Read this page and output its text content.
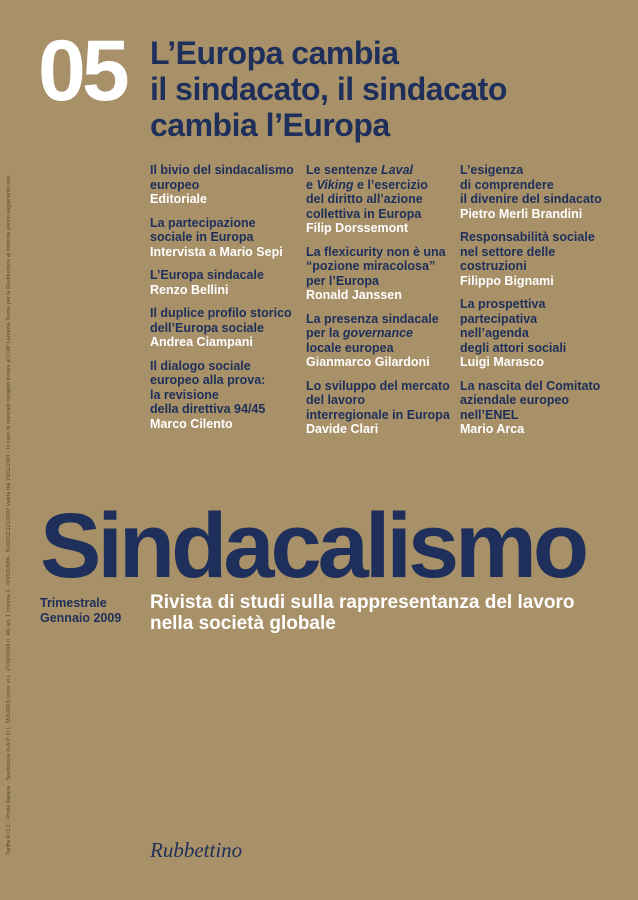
Tariffa R.O.C.: Poste Italiane - Spedizione in A.P. D.L. 353/2003 (conv. in L. 27/02/2004 n. 46) art. 1 comma 1 - CNS/CBPA - SUD/CZ/121/2007 valida dal 15/11/2007 - In caso di mancato recapito inviare al CMP Lamezia Terme per la Restituzione al mittente previo pagamento resi.
05 L’Europa cambia
il sindacato, il sindacato
cambia l’Europa
Il bivio del sindacalismo
europeo
Editoriale
La partecipazione
sociale in Europa
Intervista a Mario Sepi
L’Europa sindacale
Renzo Bellini
Il duplice profilo storico
dell’Europa sociale
Andrea Ciampani
Il dialogo sociale
europeo alla prova:
la revisione
della direttiva 94/45
Marco Cilento
Le sentenze Laval
e Viking e l’esercizio
del diritto all’azione
collettiva in Europa
Filip Dorssemont
La flexicurity non è una
“pozione miracolosa”
per l’Europa
Ronald Janssen
La presenza sindacale
per la governance
locale europea
Gianmarco Gilardoni
Lo sviluppo del mercato
del lavoro
interregionale in Europa
Davide Clari
L’esigenza
di comprendere
il divenire del sindacato
Pietro Merli Brandini
Responsabilità sociale
nel settore delle
costruzioni
Filippo Bignami
La prospettiva
partecipativa
nell’agenda
degli attori sociali
Luigi Marasco
La nascita del Comitato
aziendale europeo
nell’ENEL
Mario Arca
Sindacalismo
Trimestrale
Gennaio 2009
Rivista di studi sulla rappresentanza del lavoro
nella società globale
Rubbettino
